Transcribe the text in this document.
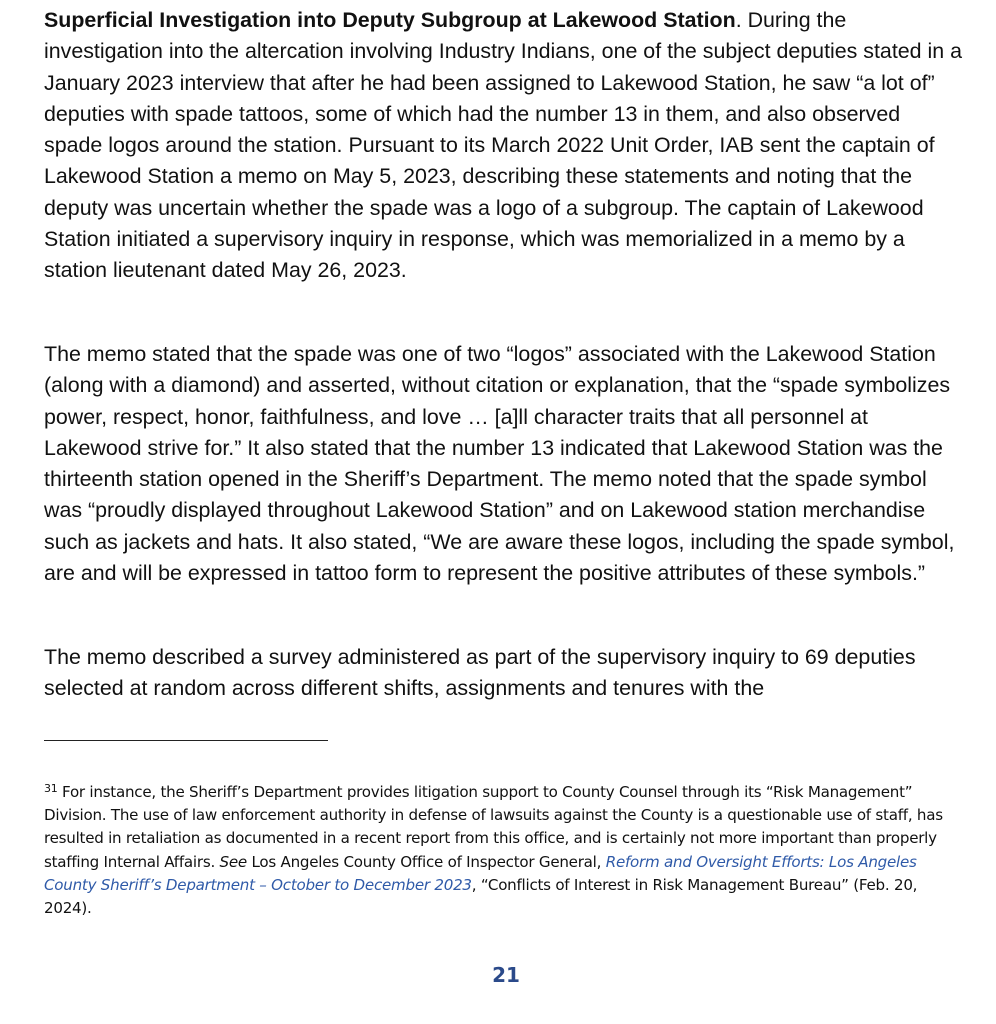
Superficial Investigation into Deputy Subgroup at Lakewood Station. During the investigation into the altercation involving Industry Indians, one of the subject deputies stated in a January 2023 interview that after he had been assigned to Lakewood Station, he saw “a lot of” deputies with spade tattoos, some of which had the number 13 in them, and also observed spade logos around the station. Pursuant to its March 2022 Unit Order, IAB sent the captain of Lakewood Station a memo on May 5, 2023, describing these statements and noting that the deputy was uncertain whether the spade was a logo of a subgroup. The captain of Lakewood Station initiated a supervisory inquiry in response, which was memorialized in a memo by a station lieutenant dated May 26, 2023.

The memo stated that the spade was one of two “logos” associated with the Lakewood Station (along with a diamond) and asserted, without citation or explanation, that the “spade symbolizes power, respect, honor, faithfulness, and love … [a]ll character traits that all personnel at Lakewood strive for.” It also stated that the number 13 indicated that Lakewood Station was the thirteenth station opened in the Sheriff’s Department. The memo noted that the spade symbol was “proudly displayed throughout Lakewood Station” and on Lakewood station merchandise such as jackets and hats. It also stated, “We are aware these logos, including the spade symbol, are and will be expressed in tattoo form to represent the positive attributes of these symbols.”

The memo described a survey administered as part of the supervisory inquiry to 69 deputies selected at random across different shifts, assignments and tenures with the

$^{31}$ For instance, the Sheriff’s Department provides litigation support to County Counsel through its “Risk Management” Division. The use of law enforcement authority in defense of lawsuits against the County is a questionable use of staff, has resulted in retaliation as documented in a recent report from this office, and is certainly not more important than properly staffing Internal Affairs. See Los Angeles County Office of Inspector General, Reform and Oversight Efforts: Los Angeles County Sheriff’s Department – October to December 2023, “Conflicts of Interest in Risk Management Bureau” (Feb. 20, 2024).

21
